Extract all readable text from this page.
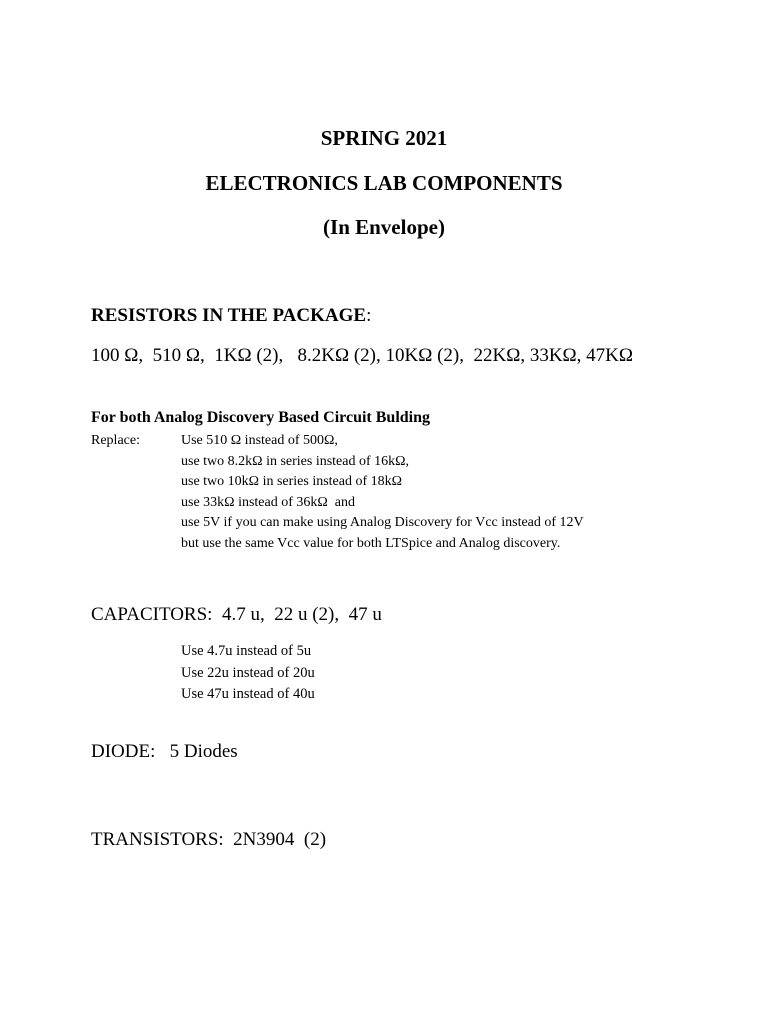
SPRING 2021
ELECTRONICS LAB COMPONENTS
(In Envelope)
RESISTORS IN THE PACKAGE:
100 Ω,  510 Ω,  1KΩ (2),   8.2KΩ (2), 10KΩ (2),  22KΩ, 33KΩ, 47KΩ
For both Analog Discovery Based Circuit Bulding
Replace:	Use 510 Ω instead of 500Ω,
use two 8.2kΩ in series instead of 16kΩ,
use two 10kΩ in series instead of 18kΩ
use 33kΩ instead of 36kΩ  and
use 5V if you can make using Analog Discovery for Vcc instead of 12V
but use the same Vcc value for both LTSpice and Analog discovery.
CAPACITORS:  4.7 u,  22 u (2),  47 u
Use 4.7u instead of 5u
Use 22u instead of 20u
Use 47u instead of 40u
DIODE:   5 Diodes
TRANSISTORS:  2N3904  (2)
